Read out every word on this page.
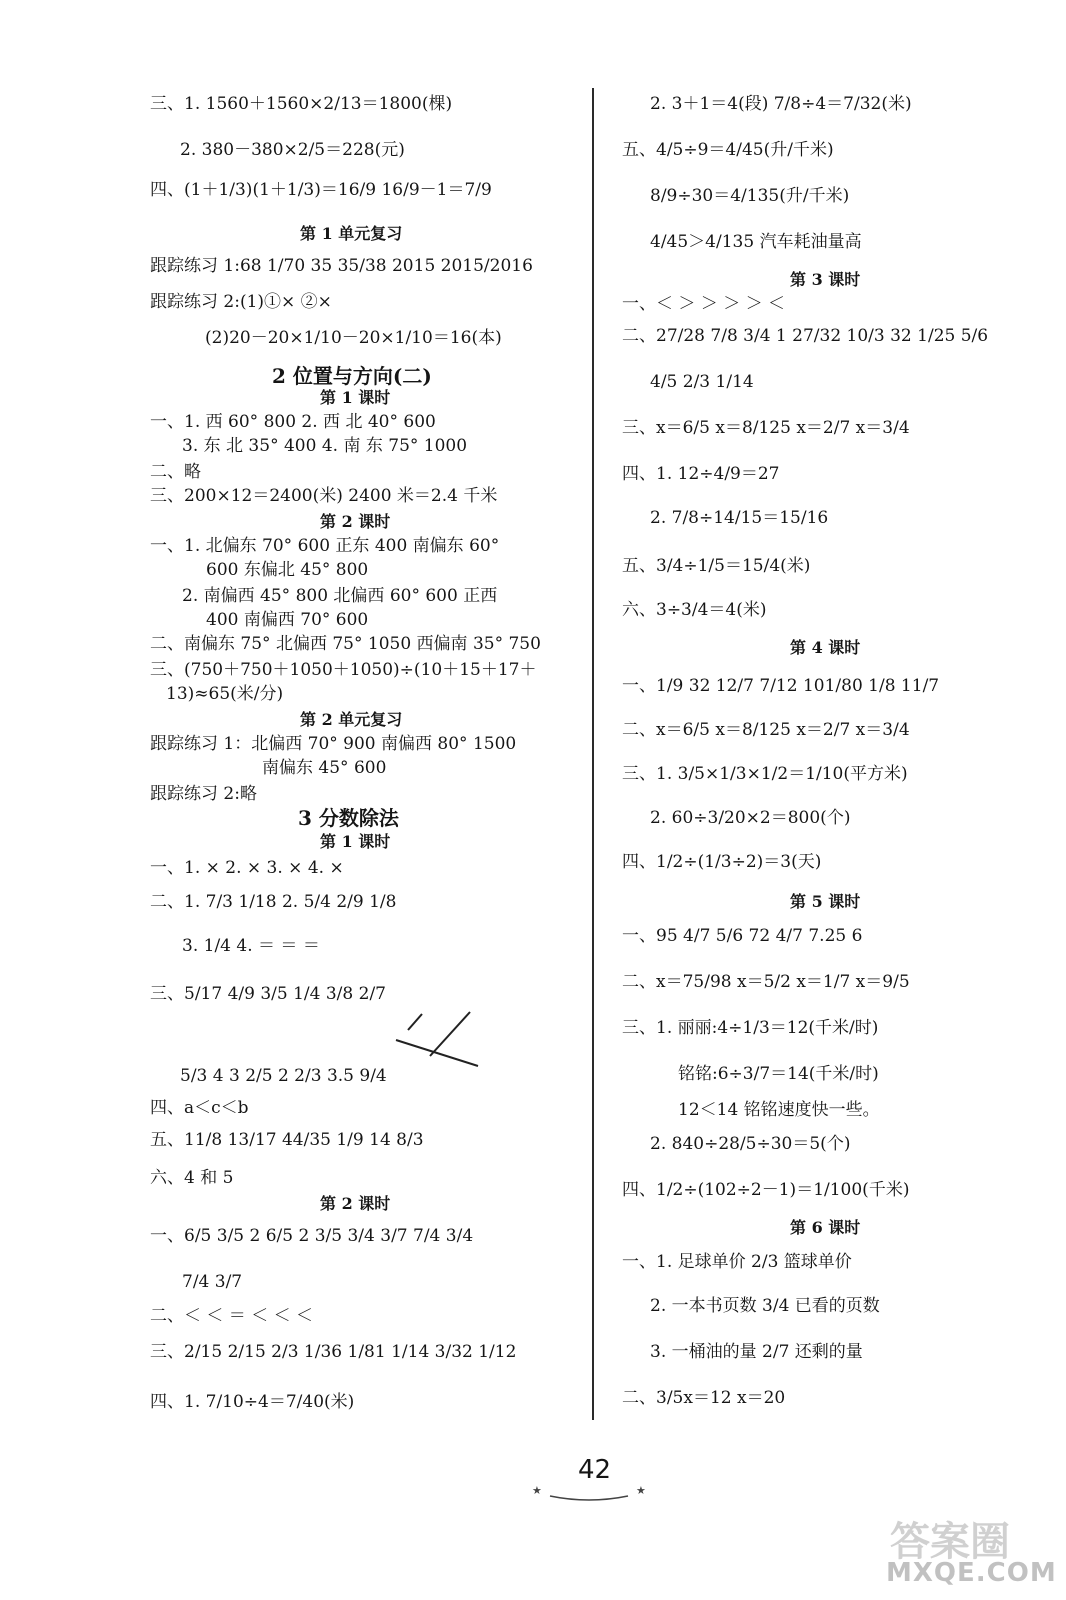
三、1. 1560＋1560×2/13＝1800(棵)
2. 380－380×2/5＝228(元)
四、(1＋1/3)(1＋1/3)＝16/9 16/9－1＝7/9
第 1 单元复习
跟踪练习 1:68 1/70 35 35/38 2015 2015/2016
跟踪练习 2:(1)①× ②×
(2)20－20×1/10－20×1/10＝16(本)
2 位置与方向(二)
第 1 课时
一、1. 西 60° 800 2. 西 北 40° 600
3. 东 北 35° 400 4. 南 东 75° 1000
二、略
三、200×12＝2400(米) 2400 米＝2.4 千米
第 2 课时
一、1. 北偏东 70° 600 正东 400 南偏东 60°
600 东偏北 45° 800
2. 南偏西 45° 800 北偏西 60° 600 正西
400 南偏西 70° 600
二、南偏东 75° 北偏西 75° 1050 西偏南 35° 750
三、(750＋750＋1050＋1050)÷(10＋15＋17＋
13)≈65(米/分)
第 2 单元复习
跟踪练习 1：北偏西 70° 900 南偏西 80° 1500
南偏东 45° 600
跟踪练习 2:略
3 分数除法
第 1 课时
一、1. × 2. × 3. × 4. ×
二、1. 7/3 1/18 2. 5/4 2/9 1/8
3. 1/4 4. ＝ ＝ ＝
三、5/17 4/9 3/5 1/4 3/8 2/7
5/3 4 3 2/5 2 2/3 3.5 9/4
四、a＜c＜b
五、11/8 13/17 44/35 1/9 14 8/3
六、4 和 5
第 2 课时
一、6/5 3/5 2 6/5 2 3/5 3/4 3/7 7/4 3/4
7/4 3/7
二、＜ ＜ ＝ ＜ ＜ ＜
三、2/15 2/15 2/3 1/36 1/81 1/14 3/32 1/12
四、1. 7/10÷4＝7/40(米)
2. 3＋1＝4(段) 7/8÷4＝7/32(米)
五、4/5÷9＝4/45(升/千米)
8/9÷30＝4/135(升/千米)
4/45＞4/135 汽车耗油量高
第 3 课时
一、＜ ＞ ＞ ＞ ＞ ＜
二、27/28 7/8 3/4 1 27/32 10/3 32 1/25 5/6
4/5 2/3 1/14
三、x＝6/5 x＝8/125 x＝2/7 x＝3/4
四、1. 12÷4/9＝27
2. 7/8÷14/15＝15/16
五、3/4÷1/5＝15/4(米)
六、3÷3/4＝4(米)
第 4 课时
一、1/9 32 12/7 7/12 101/80 1/8 11/7
二、x＝6/5 x＝8/125 x＝2/7 x＝3/4
三、1. 3/5×1/3×1/2＝1/10(平方米)
2. 60÷3/20×2＝800(个)
四、1/2÷(1/3÷2)＝3(天)
第 5 课时
一、95 4/7 5/6 72 4/7 7.25 6
二、x＝75/98 x＝5/2 x＝1/7 x＝9/5
三、1. 丽丽:4÷1/3＝12(千米/时)
铭铭:6÷3/7＝14(千米/时)
12＜14 铭铭速度快一些。
2. 840÷28/5÷30＝5(个)
四、1/2÷(102÷2－1)＝1/100(千米)
第 6 课时
一、1. 足球单价 2/3 篮球单价
2. 一本书页数 3/4 已看的页数
3. 一桶油的量 2/7 还剩的量
二、3/5x＝12 x＝20
★
42
★
答案圈
MXQE.COM
